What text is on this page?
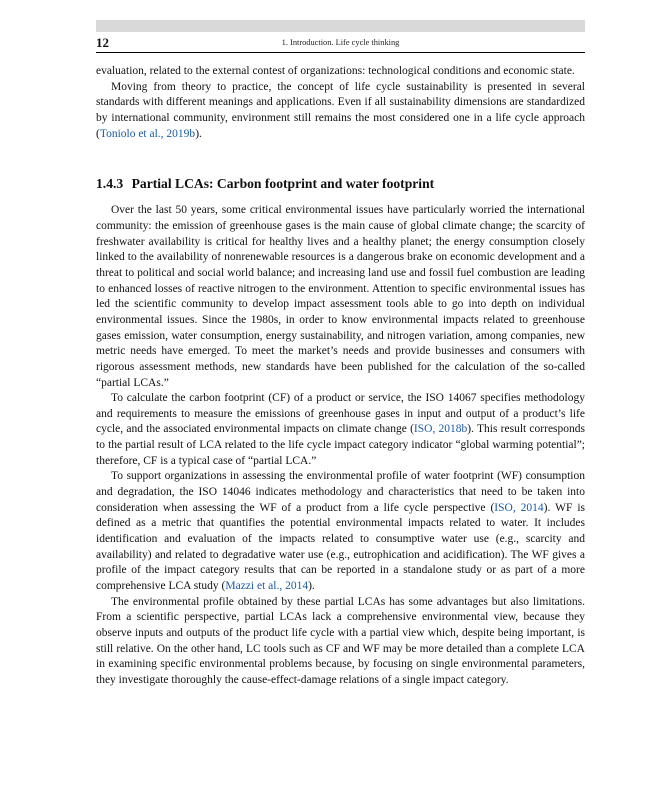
12	1. Introduction. Life cycle thinking

evaluation, related to the external contest of organizations: technological conditions and economic state.

Moving from theory to practice, the concept of life cycle sustainability is presented in several standards with different meanings and applications. Even if all sustainability dimensions are standardized by international community, environment still remains the most considered one in a life cycle approach (Toniolo et al., 2019b).

1.4.3 Partial LCAs: Carbon footprint and water footprint

Over the last 50 years, some critical environmental issues have particularly worried the international community: the emission of greenhouse gases is the main cause of global climate change; the scarcity of freshwater availability is critical for healthy lives and a healthy planet; the energy consumption closely linked to the availability of nonrenewable resources is a dangerous brake on economic development and a threat to political and social world balance; and increasing land use and fossil fuel combustion are leading to enhanced losses of reactive nitrogen to the environment. Attention to specific environmental issues has led the scientific community to develop impact assessment tools able to go into depth on individual environmental issues. Since the 1980s, in order to know environmental impacts related to greenhouse gases emission, water consumption, energy sustainability, and nitrogen variation, among companies, new metric needs have emerged. To meet the market’s needs and provide businesses and consumers with rigorous assessment methods, new standards have been published for the calculation of the so-called “partial LCAs.”

To calculate the carbon footprint (CF) of a product or service, the ISO 14067 specifies methodology and requirements to measure the emissions of greenhouse gases in input and output of a product’s life cycle, and the associated environmental impacts on climate change (ISO, 2018b). This result corresponds to the partial result of LCA related to the life cycle impact category indicator “global warming potential”; therefore, CF is a typical case of “partial LCA.”

To support organizations in assessing the environmental profile of water footprint (WF) consumption and degradation, the ISO 14046 indicates methodology and characteristics that need to be taken into consideration when assessing the WF of a product from a life cycle perspective (ISO, 2014). WF is defined as a metric that quantifies the potential environmental impacts related to water. It includes identification and evaluation of the impacts related to consumptive water use (e.g., scarcity and availability) and related to degradative water use (e.g., eutrophication and acidification). The WF gives a profile of the impact category results that can be reported in a standalone study or as part of a more comprehensive LCA study (Mazzi et al., 2014).

The environmental profile obtained by these partial LCAs has some advantages but also limitations. From a scientific perspective, partial LCAs lack a comprehensive environmental view, because they observe inputs and outputs of the product life cycle with a partial view which, despite being important, is still relative. On the other hand, LC tools such as CF and WF may be more detailed than a complete LCA in examining specific environmental problems because, by focusing on single environmental parameters, they investigate thoroughly the cause-effect-damage relations of a single impact category.
